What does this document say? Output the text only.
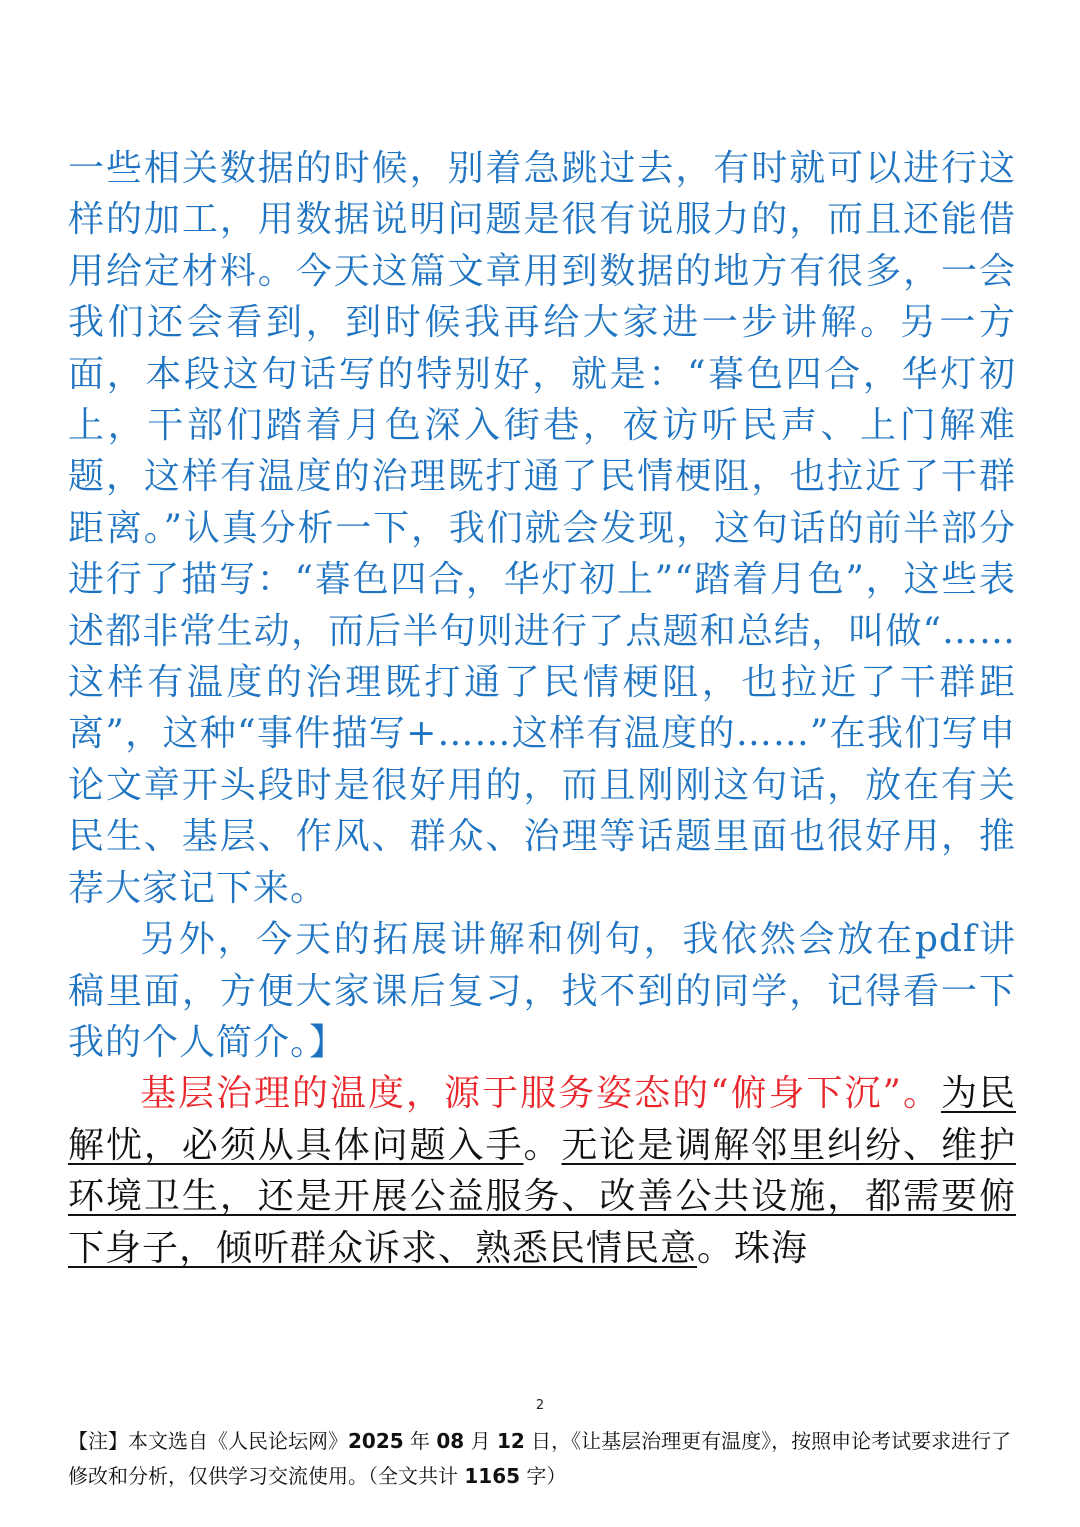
一些相关数据的时候，别着急跳过去，有时就可以进行这样的加工，用数据说明问题是很有说服力的，而且还能借用给定材料。今天这篇文章用到数据的地方有很多，一会我们还会看到，到时候我再给大家进一步讲解。另一方面，本段这句话写的特别好，就是：“暮色四合，华灯初上，干部们踏着月色深入街巷，夜访听民声、上门解难题，这样有温度的治理既打通了民情梗阻，也拉近了干群距离。”认真分析一下，我们就会发现，这句话的前半部分进行了描写：“暮色四合，华灯初上”“踏着月色”，这些表述都非常生动，而后半句则进行了点题和总结，叫做“……这样有温度的治理既打通了民情梗阻，也拉近了干群距离”，这种“事件描写+……这样有温度的……”在我们写申论文章开头段时是很好用的，而且刚刚这句话，放在有关民生、基层、作风、群众、治理等话题里面也很好用，推荐大家记下来。

另外，今天的拓展讲解和例句，我依然会放在pdf讲稿里面，方便大家课后复习，找不到的同学，记得看一下我的个人简介。】

基层治理的温度，源于服务姿态的“俯身下沉”。为民解忧，必须从具体问题入手。无论是调解邻里纠纷、维护环境卫生，还是开展公益服务、改善公共设施，都需要俯下身子，倾听群众诉求、熟悉民情民意。珠海

2
【注】本文选自《人民论坛网》2025 年 08 月 12 日，《让基层治理更有温度》，按照申论考试要求进行了修改和分析，仅供学习交流使用。（全文共计 1165 字）
